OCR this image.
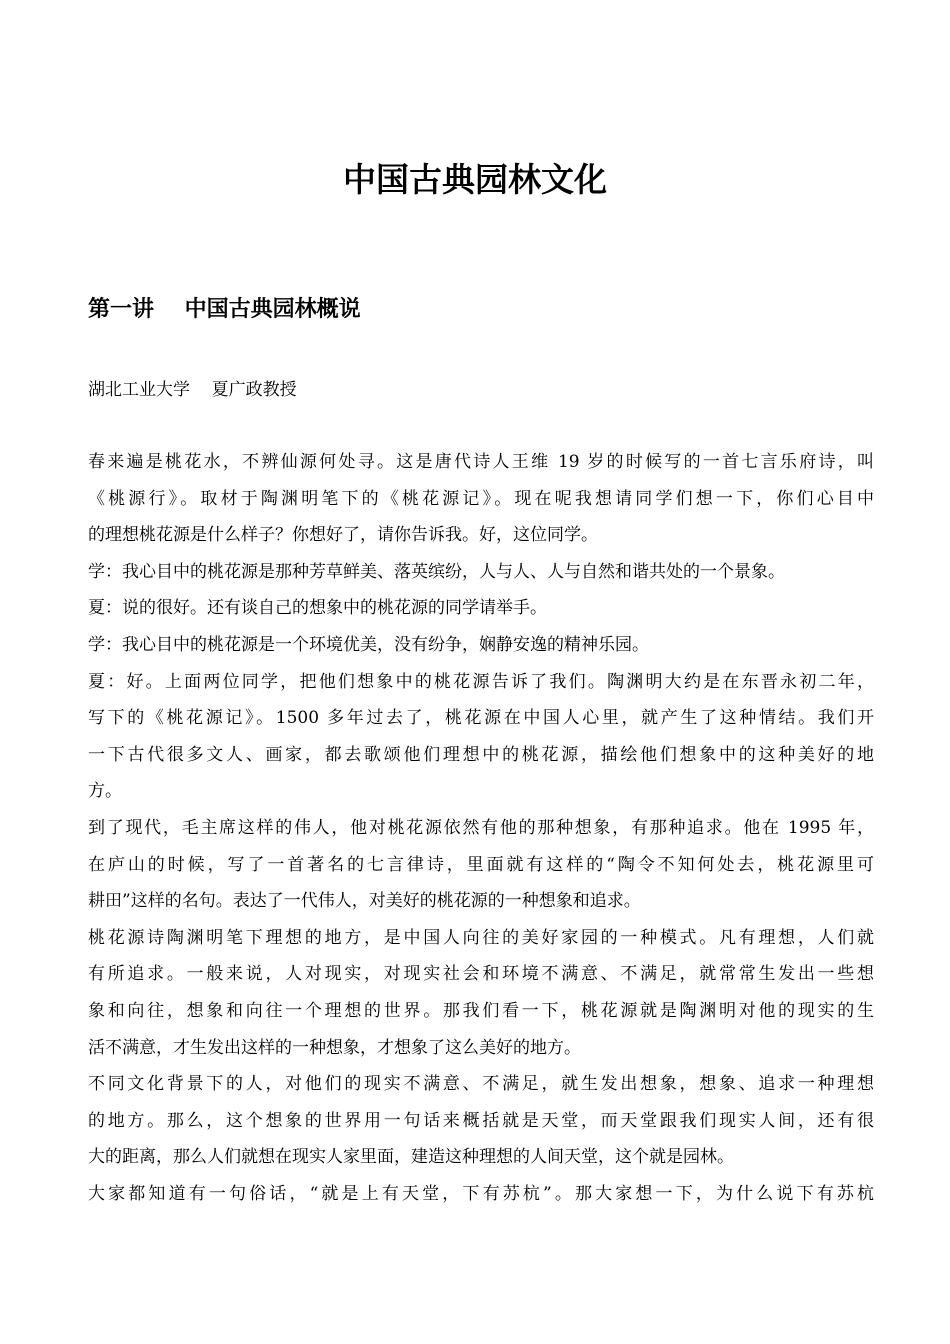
中国古典园林文化
第一讲    中国古典园林概说

湖北工业大学    夏广政教授

春来遍是桃花水，不辨仙源何处寻。这是唐代诗人王维 19 岁的时候写的一首七言乐府诗，叫
《桃源行》。取材于陶渊明笔下的《桃花源记》。现在呢我想请同学们想一下，你们心目中
的理想桃花源是什么样子？你想好了，请你告诉我。好，这位同学。
学：我心目中的桃花源是那种芳草鲜美、落英缤纷，人与人、人与自然和谐共处的一个景象。
夏：说的很好。还有谈自己的想象中的桃花源的同学请举手。
学：我心目中的桃花源是一个环境优美，没有纷争，娴静安逸的精神乐园。
夏：好。上面两位同学，把他们想象中的桃花源告诉了我们。陶渊明大约是在东晋永初二年，
写下的《桃花源记》。1500 多年过去了，桃花源在中国人心里，就产生了这种情结。我们开
一下古代很多文人、画家，都去歌颂他们理想中的桃花源，描绘他们想象中的这种美好的地
方。
到了现代，毛主席这样的伟人，他对桃花源依然有他的那种想象，有那种追求。他在 1995 年，
在庐山的时候，写了一首著名的七言律诗，里面就有这样的“陶令不知何处去，桃花源里可
耕田”这样的名句。表达了一代伟人，对美好的桃花源的一种想象和追求。
桃花源诗陶渊明笔下理想的地方，是中国人向往的美好家园的一种模式。凡有理想，人们就
有所追求。一般来说，人对现实，对现实社会和环境不满意、不满足，就常常生发出一些想
象和向往，想象和向往一个理想的世界。那我们看一下，桃花源就是陶渊明对他的现实的生
活不满意，才生发出这样的一种想象，才想象了这么美好的地方。
不同文化背景下的人，对他们的现实不满意、不满足，就生发出想象，想象、追求一种理想
的地方。那么，这个想象的世界用一句话来概括就是天堂，而天堂跟我们现实人间，还有很
大的距离，那么人们就想在现实人家里面，建造这种理想的人间天堂，这个就是园林。
大家都知道有一句俗话，“就是上有天堂，下有苏杭”。那大家想一下，为什么说下有苏杭
